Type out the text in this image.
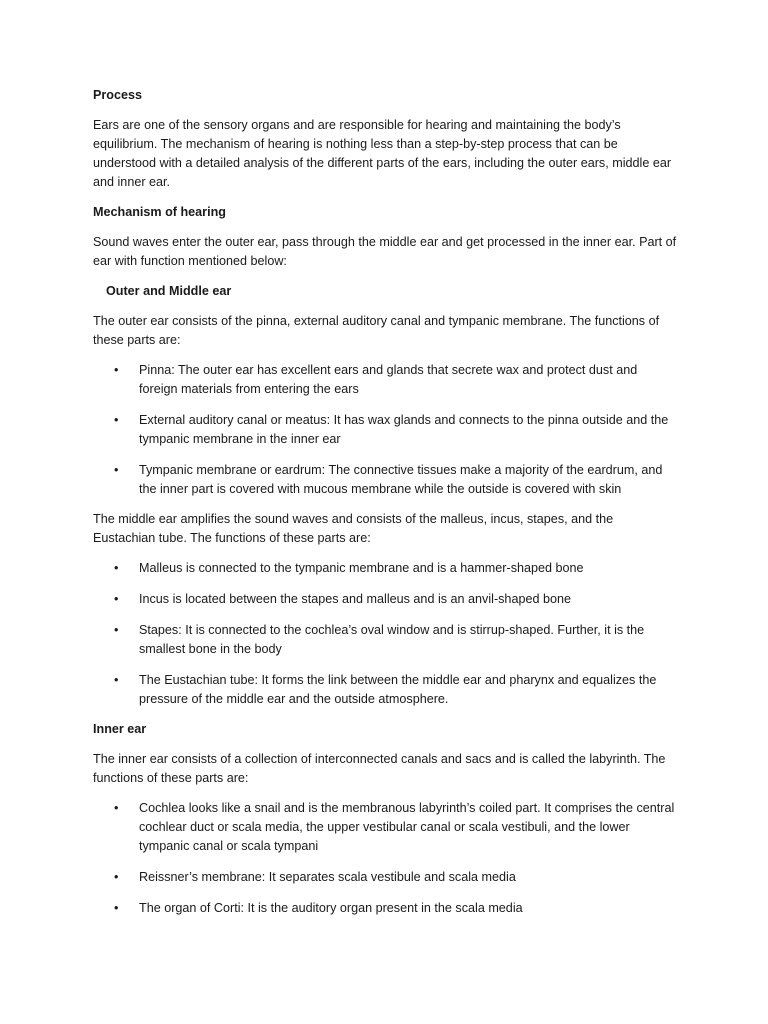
Process

Ears are one of the sensory organs and are responsible for hearing and maintaining the body’s equilibrium. The mechanism of hearing is nothing less than a step-by-step process that can be understood with a detailed analysis of the different parts of the ears, including the outer ears, middle ear and inner ear.

Mechanism of hearing

Sound waves enter the outer ear, pass through the middle ear and get processed in the inner ear. Part of ear with function mentioned below:

Outer and Middle ear

The outer ear consists of the pinna, external auditory canal and tympanic membrane. The functions of these parts are:

• Pinna: The outer ear has excellent ears and glands that secrete wax and protect dust and foreign materials from entering the ears
• External auditory canal or meatus: It has wax glands and connects to the pinna outside and the tympanic membrane in the inner ear
• Tympanic membrane or eardrum: The connective tissues make a majority of the eardrum, and the inner part is covered with mucous membrane while the outside is covered with skin

The middle ear amplifies the sound waves and consists of the malleus, incus, stapes, and the Eustachian tube. The functions of these parts are:

• Malleus is connected to the tympanic membrane and is a hammer-shaped bone
• Incus is located between the stapes and malleus and is an anvil-shaped bone
• Stapes: It is connected to the cochlea’s oval window and is stirrup-shaped. Further, it is the smallest bone in the body
• The Eustachian tube: It forms the link between the middle ear and pharynx and equalizes the pressure of the middle ear and the outside atmosphere.
Inner ear

The inner ear consists of a collection of interconnected canals and sacs and is called the labyrinth. The functions of these parts are:

• Cochlea looks like a snail and is the membranous labyrinth’s coiled part. It comprises the central cochlear duct or scala media, the upper vestibular canal or scala vestibuli, and the lower tympanic canal or scala tympani
• Reissner’s membrane: It separates scala vestibule and scala media
• The organ of Corti: It is the auditory organ present in the scala media
